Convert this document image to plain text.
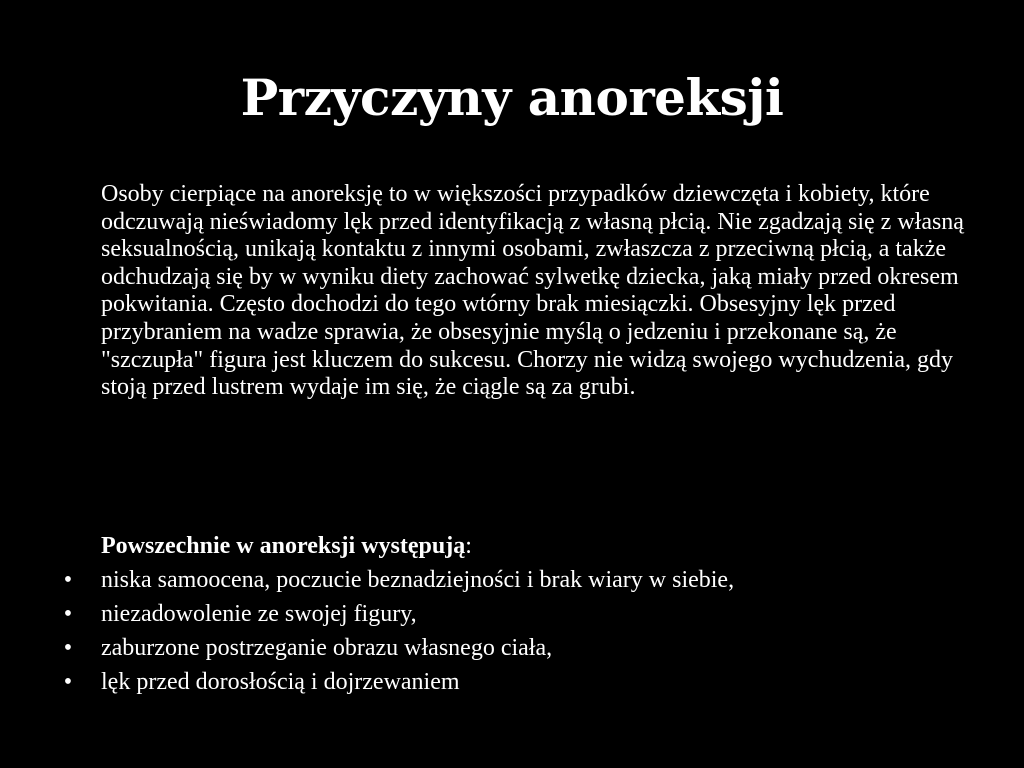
Przyczyny anoreksji

Osoby cierpiące na anoreksję to w większości przypadków dziewczęta i kobiety, które odczuwają nieświadomy lęk przed identyfikacją z własną płcią. Nie zgadzają się z własną seksualnością, unikają kontaktu z innymi osobami, zwłaszcza z przeciwną płcią, a także odchudzają się by w wyniku diety zachować sylwetkę dziecka, jaką miały przed okresem pokwitania. Często dochodzi do tego wtórny brak miesiączki. Obsesyjny lęk przed przybraniem na wadze sprawia, że obsesyjnie myślą o jedzeniu i przekonane są, że "szczupła" figura jest kluczem do sukcesu. Chorzy nie widzą swojego wychudzenia, gdy stoją przed lustrem wydaje im się, że ciągle są za grubi.

Powszechnie w anoreksji występują:

• niska samoocena, poczucie beznadziejności i brak wiary w siebie,
• niezadowolenie ze swojej figury,
• zaburzone postrzeganie obrazu własnego ciała,
• lęk przed dorosłością i dojrzewaniem
